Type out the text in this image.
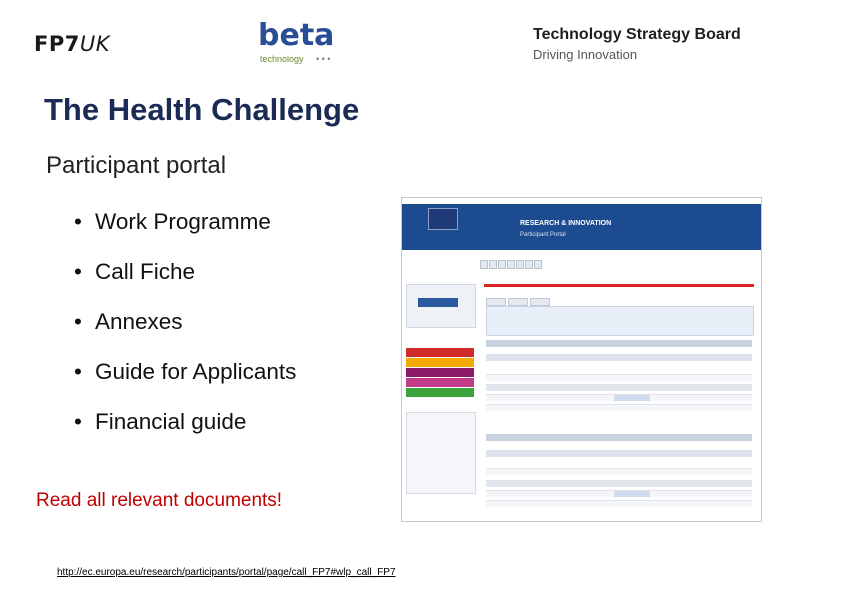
FP7UK	beta
technology • • •
Technology Strategy Board
Driving Innovation
The Health Challenge
Participant portal
• Work Programme
• Call Fiche
• Annexes
• Guide for Applicants
• Financial guide
Read all relevant documents!
http://ec.europa.eu/research/participants/portal/page/call_FP7#wlp_call_FP7
RESEARCH & INNOVATION
Participant Portal
